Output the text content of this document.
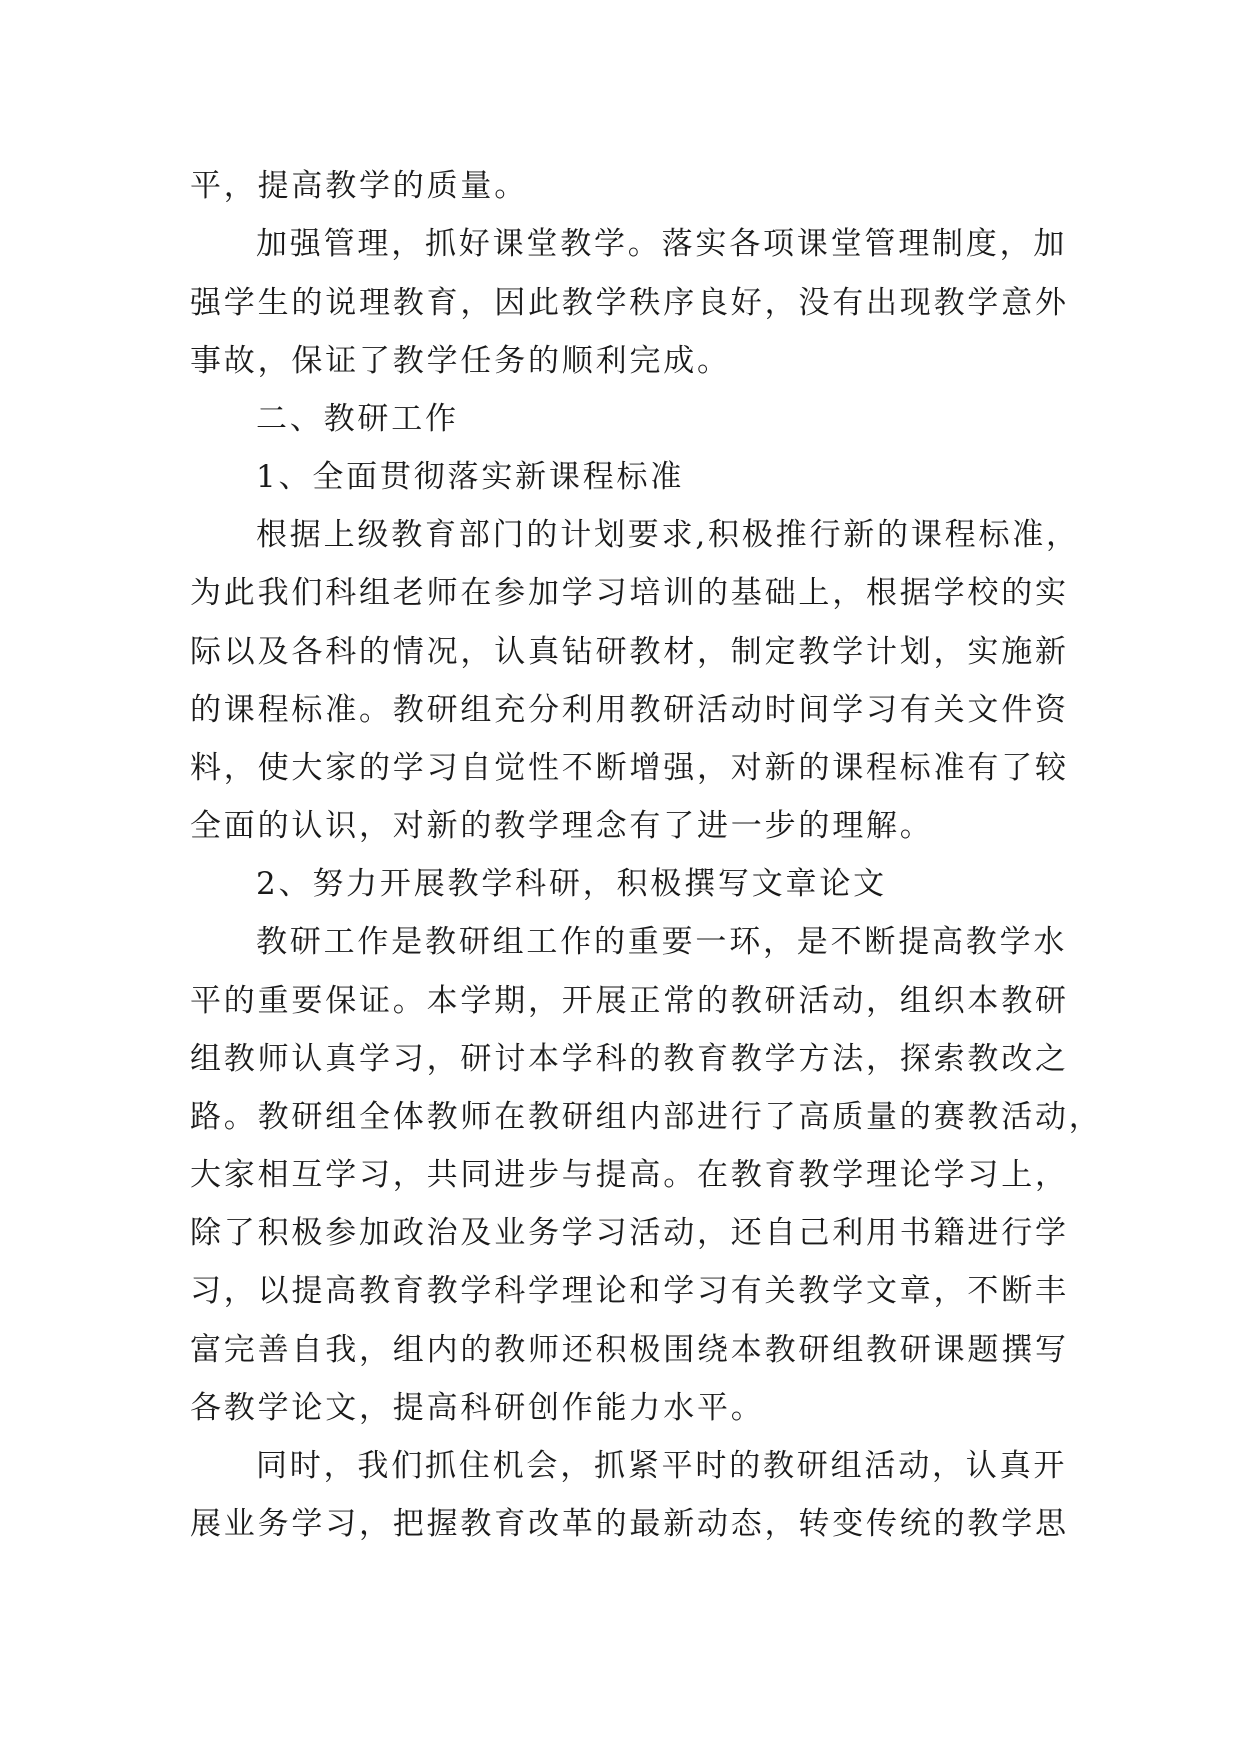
平，提高教学的质量。
加强管理，抓好课堂教学。落实各项课堂管理制度，加
强学生的说理教育，因此教学秩序良好，没有出现教学意外
事故，保证了教学任务的顺利完成。
二、教研工作
1、全面贯彻落实新课程标准
根据上级教育部门的计划要求,积极推行新的课程标准，
为此我们科组老师在参加学习培训的基础上，根据学校的实
际以及各科的情况，认真钻研教材，制定教学计划，实施新
的课程标准。教研组充分利用教研活动时间学习有关文件资
料，使大家的学习自觉性不断增强，对新的课程标准有了较
全面的认识，对新的教学理念有了进一步的理解。
2、努力开展教学科研，积极撰写文章论文
教研工作是教研组工作的重要一环，是不断提高教学水
平的重要保证。本学期，开展正常的教研活动，组织本教研
组教师认真学习，研讨本学科的教育教学方法，探索教改之
路。教研组全体教师在教研组内部进行了高质量的赛教活动，
大家相互学习，共同进步与提高。在教育教学理论学习上，
除了积极参加政治及业务学习活动，还自己利用书籍进行学
习，以提高教育教学科学理论和学习有关教学文章，不断丰
富完善自我，组内的教师还积极围绕本教研组教研课题撰写
各教学论文，提高科研创作能力水平。
同时，我们抓住机会，抓紧平时的教研组活动，认真开
展业务学习，把握教育改革的最新动态，转变传统的教学思
